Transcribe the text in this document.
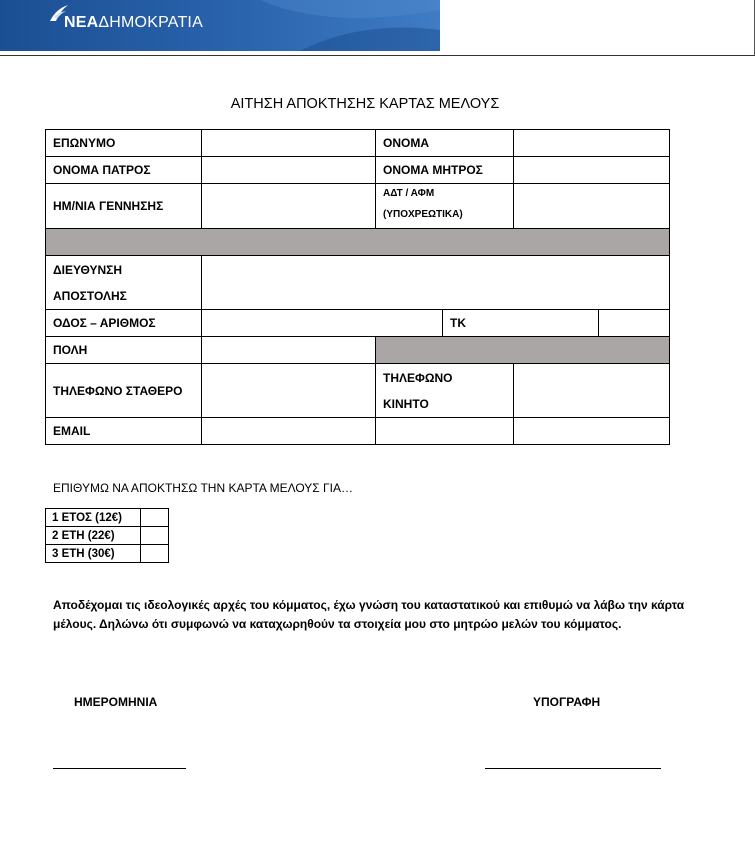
ΝΕΑΔΗΜΟΚΡΑΤΙΑ
ΑΙΤΗΣΗ ΑΠΟΚΤΗΣΗΣ ΚΑΡΤΑΣ ΜΕΛΟΥΣ
ΕΠΩΝΥΜΟ		ΟΝΟΜΑ			
ΟΝΟΜΑ ΠΑΤΡΟΣ		ΟΝΟΜΑ ΜΗΤΡΟΣ			
ΗΜ/ΝΙΑ ΓΕΝΝΗΣΗΣ		ΑΔΤ / ΑΦΜ
(ΥΠΟΧΡΕΩΤΙΚΑ)			

ΔΙΕΥΘΥΝΣΗ
ΑΠΟΣΤΟΛΗΣ					

ΟΔΟΣ – ΑΡΙΘΜΟΣ			ΤΚ		
ΠΟΛΗ					
ΤΗΛΕΦΩΝΟ ΣΤΑΘΕΡΟ		ΤΗΛΕΦΩΝΟ
ΚΙΝΗΤΟ			

EMAIL					
ΕΠΙΘΥΜΩ ΝΑ ΑΠΟΚΤΗΣΩ ΤΗΝ ΚΑΡΤΑ ΜΕΛΟΥΣ ΓΙΑ…
1 ΕΤΟΣ (12€)	
2 ΕΤΗ (22€)	
3 ΕΤΗ (30€)	
Αποδέχομαι τις ιδεολογικές αρχές του κόμματος, έχω γνώση του καταστατικού και επιθυμώ να λάβω την κάρτα μέλους. Δηλώνω ότι συμφωνώ να καταχωρηθούν τα στοιχεία μου στο μητρώο μελών του κόμματος.
ΗΜΕΡΟΜΗΝΙΑ	ΥΠΟΓΡΑΦΗ
